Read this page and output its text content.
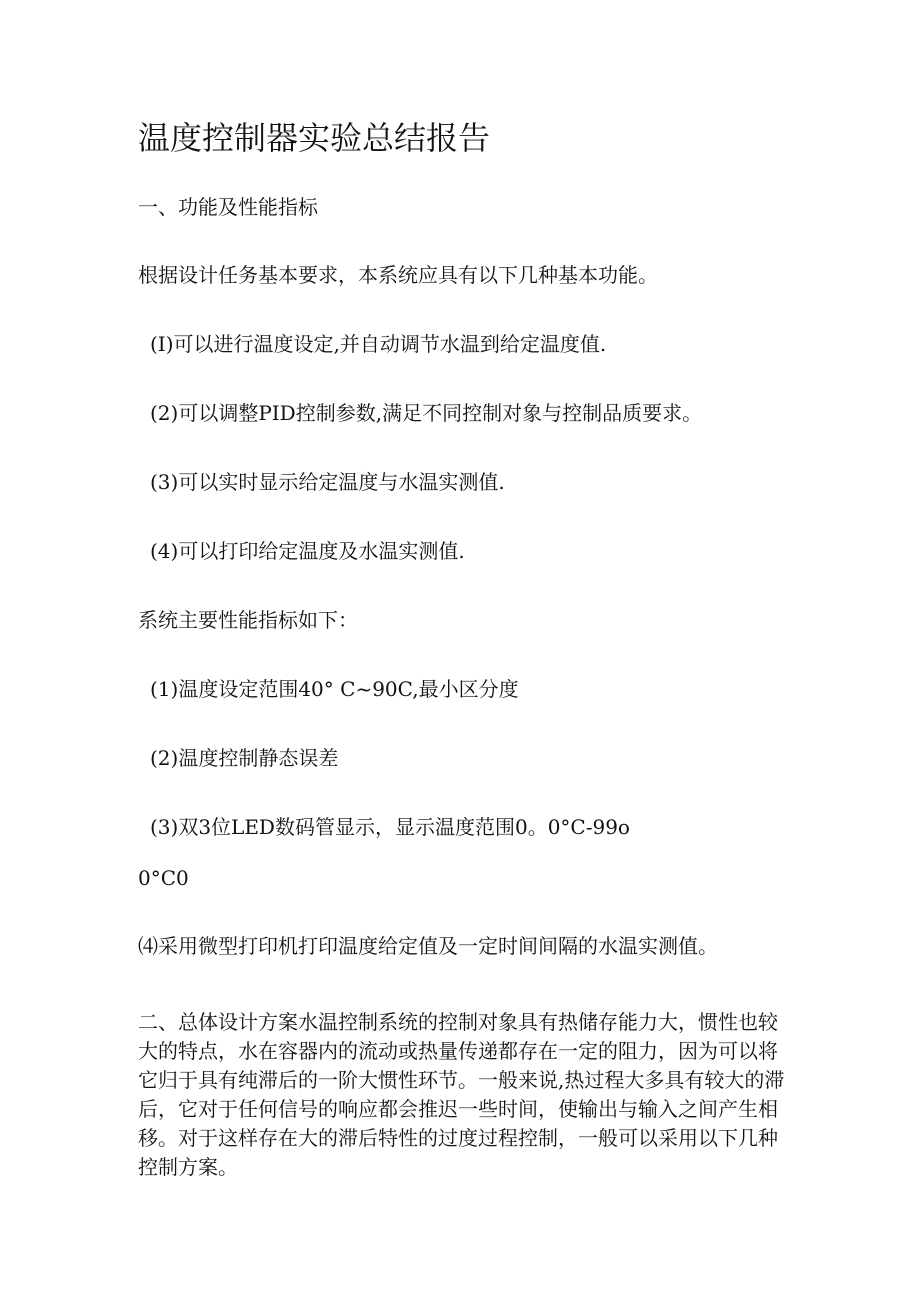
温度控制器实验总结报告
一、功能及性能指标
根据设计任务基本要求，本系统应具有以下几种基本功能。
(I)可以进行温度设定,并自动调节水温到给定温度值.
(2)可以调整PID控制参数,满足不同控制对象与控制品质要求。
(3)可以实时显示给定温度与水温实测值.
(4)可以打印给定温度及水温实测值.
系统主要性能指标如下：
(1)温度设定范围40° C~90C,最小区分度
(2)温度控制静态误差
(3)双3位LED数码管显示，显示温度范围0。0°C-99o
0°C0
⑷采用微型打印机打印温度给定值及一定时间间隔的水温实测值。
二、总体设计方案水温控制系统的控制对象具有热储存能力大，惯性也较大的特点，水在容器内的流动或热量传递都存在一定的阻力，因为可以将它归于具有纯滞后的一阶大惯性环节。一般来说,热过程大多具有较大的滞后，它对于任何信号的响应都会推迟一些时间，使输出与输入之间产生相移。对于这样存在大的滞后特性的过度过程控制，一般可以采用以下几种控制方案。
